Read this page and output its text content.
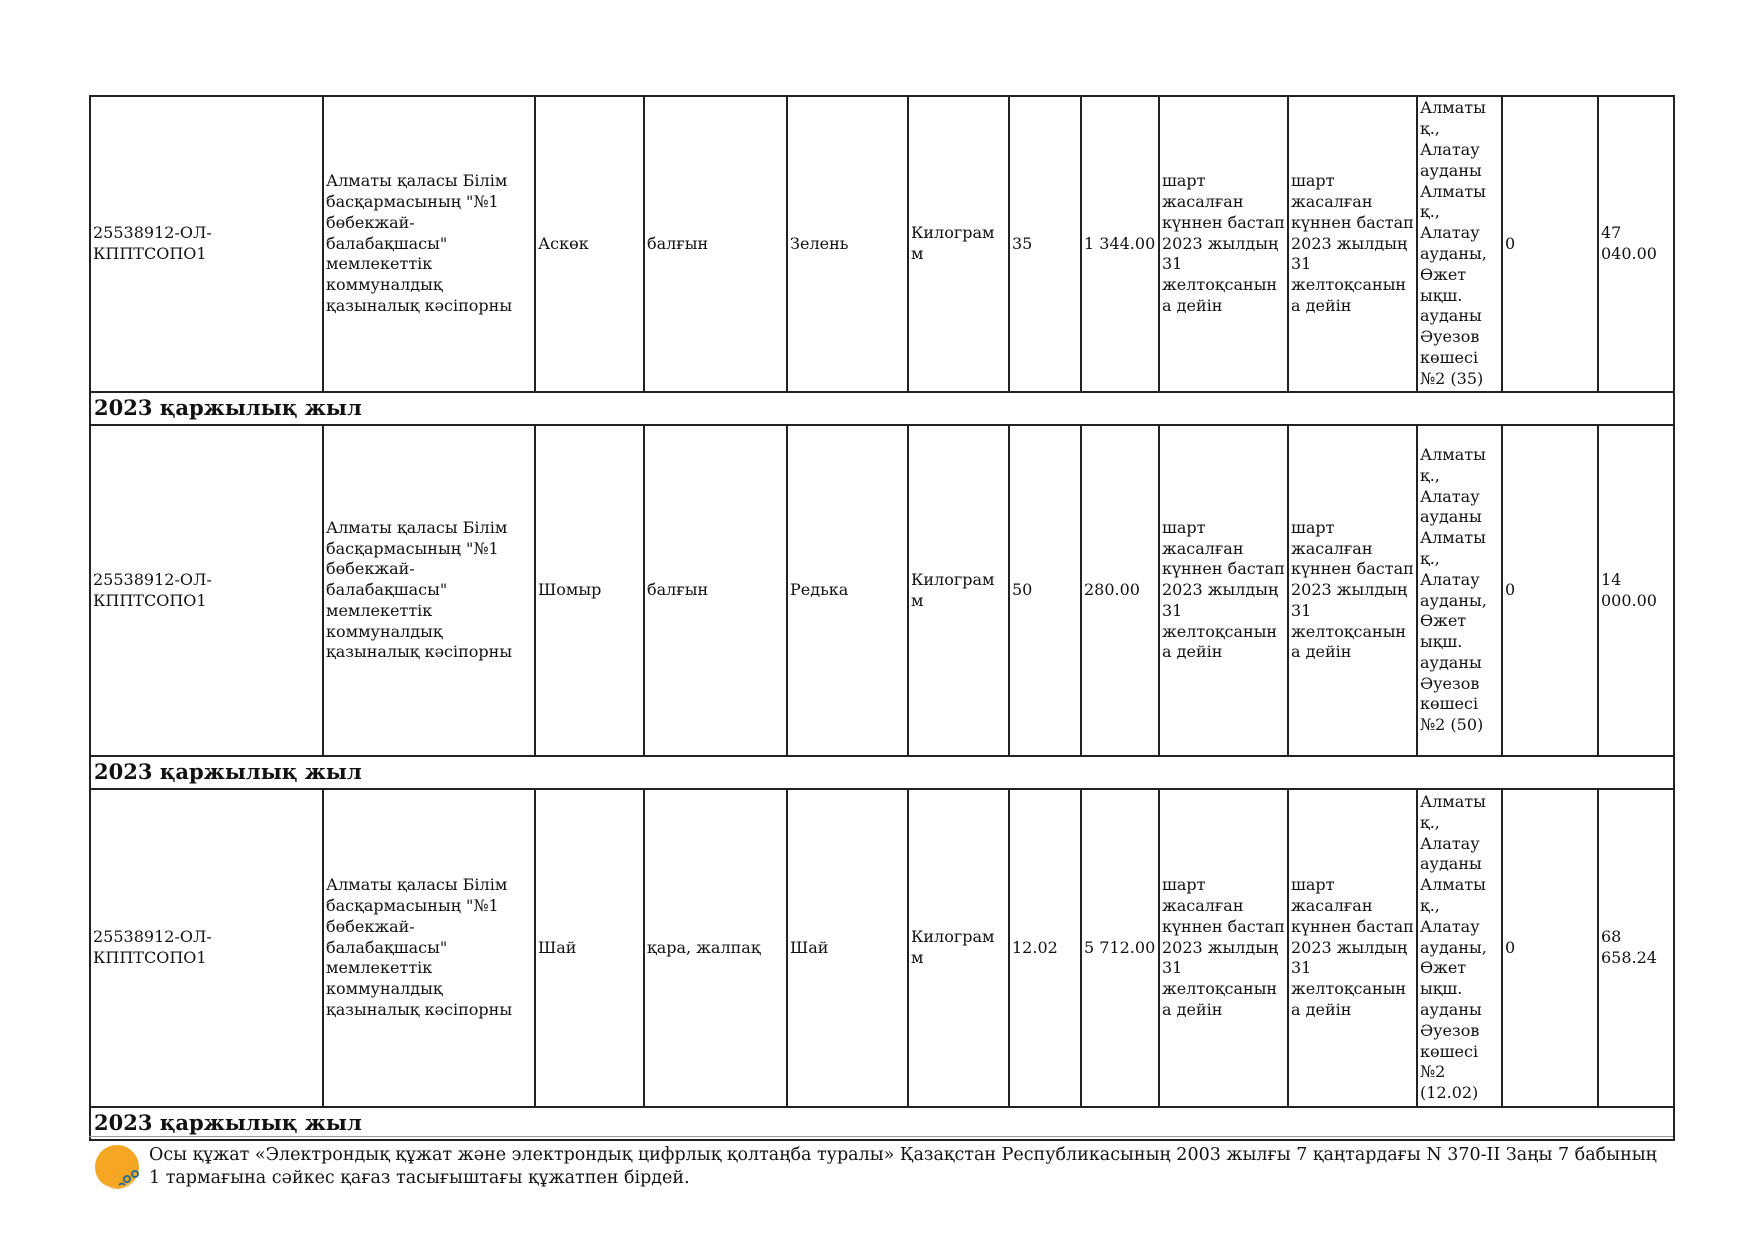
25538912-ОЛ-КППТСОПО1	Алматы қаласы Білім басқармасының "№1 бөбекжай-балабақшасы" мемлекеттік коммуналдық қазыналық кәсіпорны	Аскөк	балғын	Зелень	Килограмм	35	1 344.00	шарт жасалған күннен бастап 2023 жылдың 31 желтоқсанына дейін	шарт жасалған күннен бастап 2023 жылдың 31 желтоқсанына дейін	Алматы қ., Алатау ауданы Алматы қ., Алатау ауданы, Өжет ықш. ауданы Әуезов көшесі №2 (35)	0	47 040.00
2023 қаржылық жыл												
25538912-ОЛ-КППТСОПО1	Алматы қаласы Білім басқармасының "№1 бөбекжай-балабақшасы" мемлекеттік коммуналдық қазыналық кәсіпорны	Шомыр	балғын	Редька	Килограмм	50	280.00	шарт жасалған күннен бастап 2023 жылдың 31 желтоқсанына дейін	шарт жасалған күннен бастап 2023 жылдың 31 желтоқсанына дейін	Алматы қ., Алатау ауданы Алматы қ., Алатау ауданы, Өжет ықш. ауданы Әуезов көшесі №2 (50)	0	14 000.00
2023 қаржылық жыл												
25538912-ОЛ-КППТСОПО1	Алматы қаласы Білім басқармасының "№1 бөбекжай-балабақшасы" мемлекеттік коммуналдық қазыналық кәсіпорны	Шай	қара, жалпақ	Шай	Килограмм	12.02	5 712.00	шарт жасалған күннен бастап 2023 жылдың 31 желтоқсанына дейін	шарт жасалған күннен бастап 2023 жылдың 31 желтоқсанына дейін	Алматы қ., Алатау ауданы Алматы қ., Алатау ауданы, Өжет ықш. ауданы Әуезов көшесі №2 (12.02)	0	68 658.24
2023 қаржылық жыл												
Осы құжат «Электрондық құжат және электрондық цифрлық қолтаңба туралы» Қазақстан Республикасының 2003 жылғы 7 қаңтардағы N 370-II Заңы 7 бабының 1 тармағына сәйкес қағаз тасығыштағы құжатпен бірдей.
